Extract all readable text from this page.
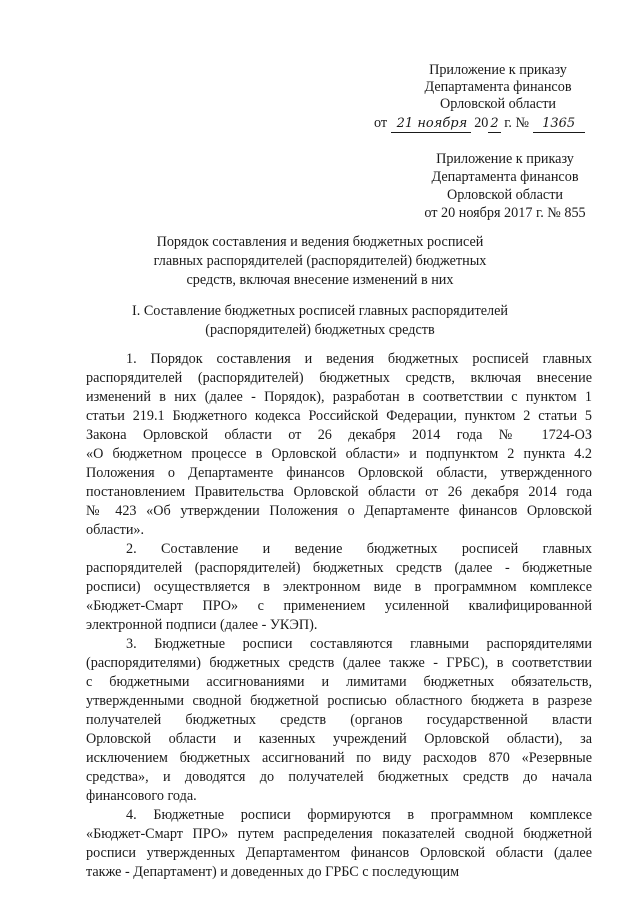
Приложение к приказу
Департамента финансов
Орловской области
от 21 ноября 20 2 г. № 1365
Приложение к приказу
Департамента финансов
Орловской области
от 20 ноября 2017 г. № 855
Порядок составления и ведения бюджетных росписей
главных распорядителей (распорядителей) бюджетных
средств, включая внесение изменений в них
I. Составление бюджетных росписей главных распорядителей
(распорядителей) бюджетных средств
1. Порядок составления и ведения бюджетных росписей главных
распорядителей (распорядителей) бюджетных средств, включая внесение
изменений в них (далее - Порядок), разработан в соответствии с пунктом 1
статьи 219.1 Бюджетного кодекса Российской Федерации, пунктом 2 статьи 5
Закона Орловской области от 26 декабря 2014 года № 1724-ОЗ
«О бюджетном процессе в Орловской области» и подпунктом 2 пункта 4.2
Положения о Департаменте финансов Орловской области, утвержденного
постановлением Правительства Орловской области от 26 декабря 2014 года
№ 423 «Об утверждении Положения о Департаменте финансов Орловской
области».
2. Составление и ведение бюджетных росписей главных
распорядителей (распорядителей) бюджетных средств (далее - бюджетные
росписи) осуществляется в электронном виде в программном комплексе
«Бюджет-Смарт ПРО» с применением усиленной квалифицированной
электронной подписи (далее - УКЭП).
3. Бюджетные росписи составляются главными распорядителями
(распорядителями) бюджетных средств (далее также - ГРБС), в соответствии
с бюджетными ассигнованиями и лимитами бюджетных обязательств,
утвержденными сводной бюджетной росписью областного бюджета в разрезе
получателей бюджетных средств (органов государственной власти
Орловской области и казенных учреждений Орловской области), за
исключением бюджетных ассигнований по виду расходов 870 «Резервные
средства», и доводятся до получателей бюджетных средств до начала
финансового года.
4. Бюджетные росписи формируются в программном комплексе
«Бюджет-Смарт ПРО» путем распределения показателей сводной бюджетной
росписи утвержденных Департаментом финансов Орловской области (далее
также - Департамент) и доведенных до ГРБС с последующим
